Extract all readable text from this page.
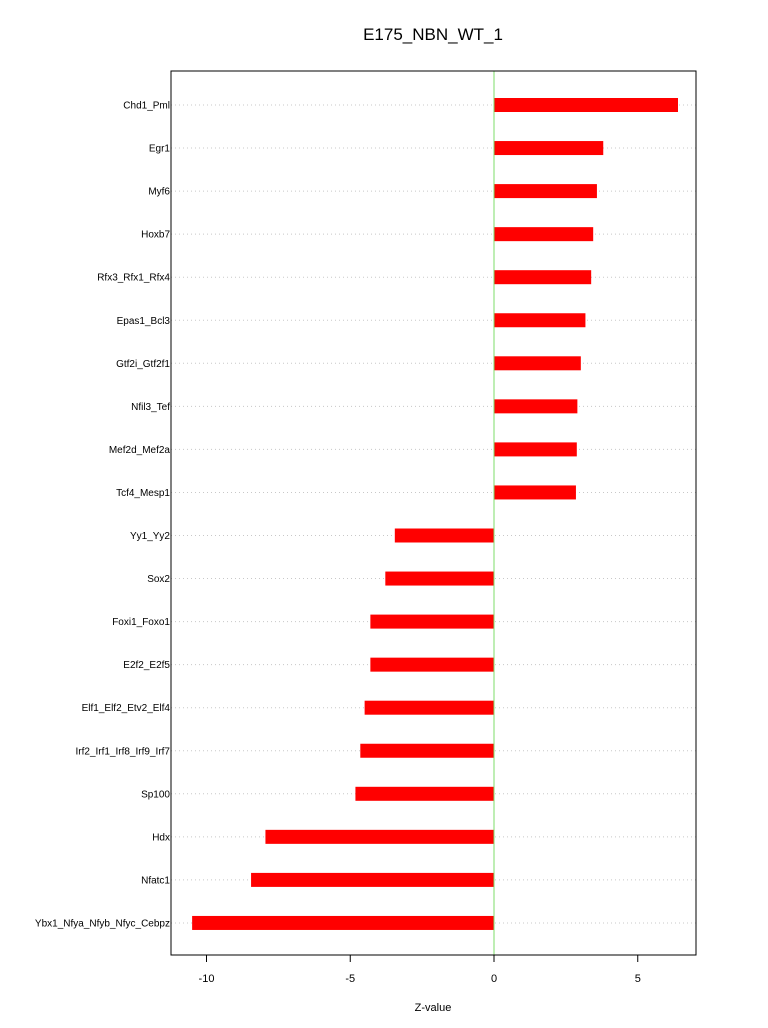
E175_NBN_WT_1
Chd1_Pml
Egr1
Myf6
Hoxb7
Rfx3_Rfx1_Rfx4
Epas1_Bcl3
Gtf2i_Gtf2f1
Nfil3_Tef
Mef2d_Mef2a
Tcf4_Mesp1
Yy1_Yy2
Sox2
Foxi1_Foxo1
E2f2_E2f5
Elf1_Elf2_Etv2_Elf4
Irf2_Irf1_Irf8_Irf9_Irf7
Sp100
Hdx
Nfatc1
Ybx1_Nfya_Nfyb_Nfyc_Cebpz
-10	-5	0	5
Z-value
